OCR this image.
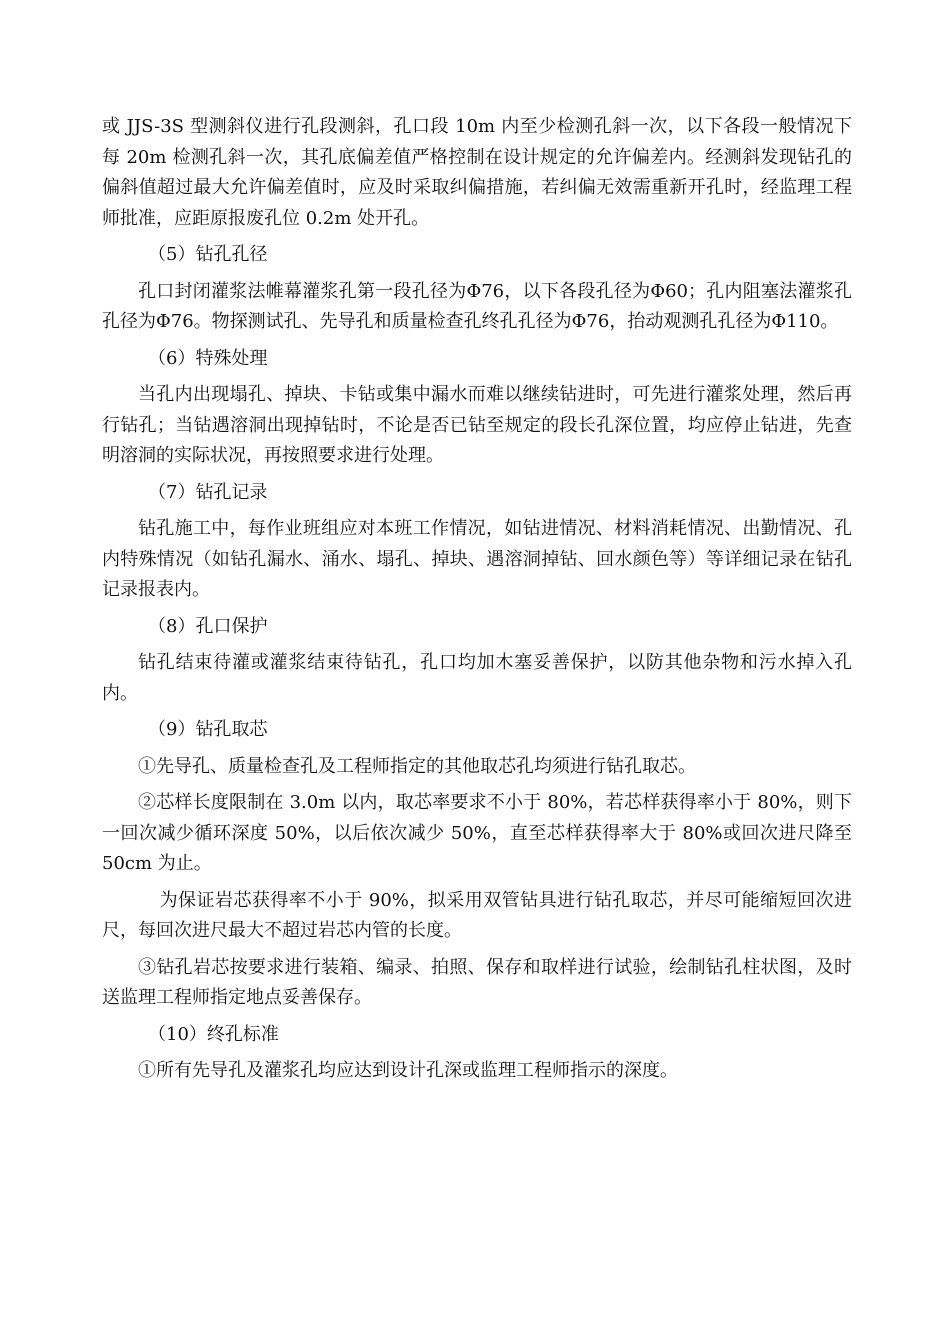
或 JJS-3S 型测斜仪进行孔段测斜，孔口段 10m 内至少检测孔斜一次，以下各段一般情况下每 20m 检测孔斜一次，其孔底偏差值严格控制在设计规定的允许偏差内。经测斜发现钻孔的偏斜值超过最大允许偏差值时，应及时采取纠偏措施，若纠偏无效需重新开孔时，经监理工程师批准，应距原报废孔位 0.2m 处开孔。

（5）钻孔孔径

孔口封闭灌浆法帷幕灌浆孔第一段孔径为Φ76，以下各段孔径为Φ60；孔内阻塞法灌浆孔孔径为Φ76。物探测试孔、先导孔和质量检查孔终孔孔径为Φ76，抬动观测孔孔径为Φ110。

（6）特殊处理

当孔内出现塌孔、掉块、卡钻或集中漏水而难以继续钻进时，可先进行灌浆处理，然后再行钻孔；当钻遇溶洞出现掉钻时，不论是否已钻至规定的段长孔深位置，均应停止钻进，先查明溶洞的实际状况，再按照要求进行处理。

（7）钻孔记录

钻孔施工中，每作业班组应对本班工作情况，如钻进情况、材料消耗情况、出勤情况、孔内特殊情况（如钻孔漏水、涌水、塌孔、掉块、遇溶洞掉钻、回水颜色等）等详细记录在钻孔记录报表内。

（8）孔口保护

钻孔结束待灌或灌浆结束待钻孔，孔口均加木塞妥善保护，以防其他杂物和污水掉入孔内。

（9）钻孔取芯

①先导孔、质量检查孔及工程师指定的其他取芯孔均须进行钻孔取芯。

②芯样长度限制在 3.0m 以内，取芯率要求不小于 80%，若芯样获得率小于 80%，则下一回次减少循环深度 50%，以后依次减少 50%，直至芯样获得率大于 80%或回次进尺降至 50cm 为止。

为保证岩芯获得率不小于 90%，拟采用双管钻具进行钻孔取芯，并尽可能缩短回次进尺，每回次进尺最大不超过岩芯内管的长度。

③钻孔岩芯按要求进行装箱、编录、拍照、保存和取样进行试验，绘制钻孔柱状图，及时送监理工程师指定地点妥善保存。

（10）终孔标准

①所有先导孔及灌浆孔均应达到设计孔深或监理工程师指示的深度。
